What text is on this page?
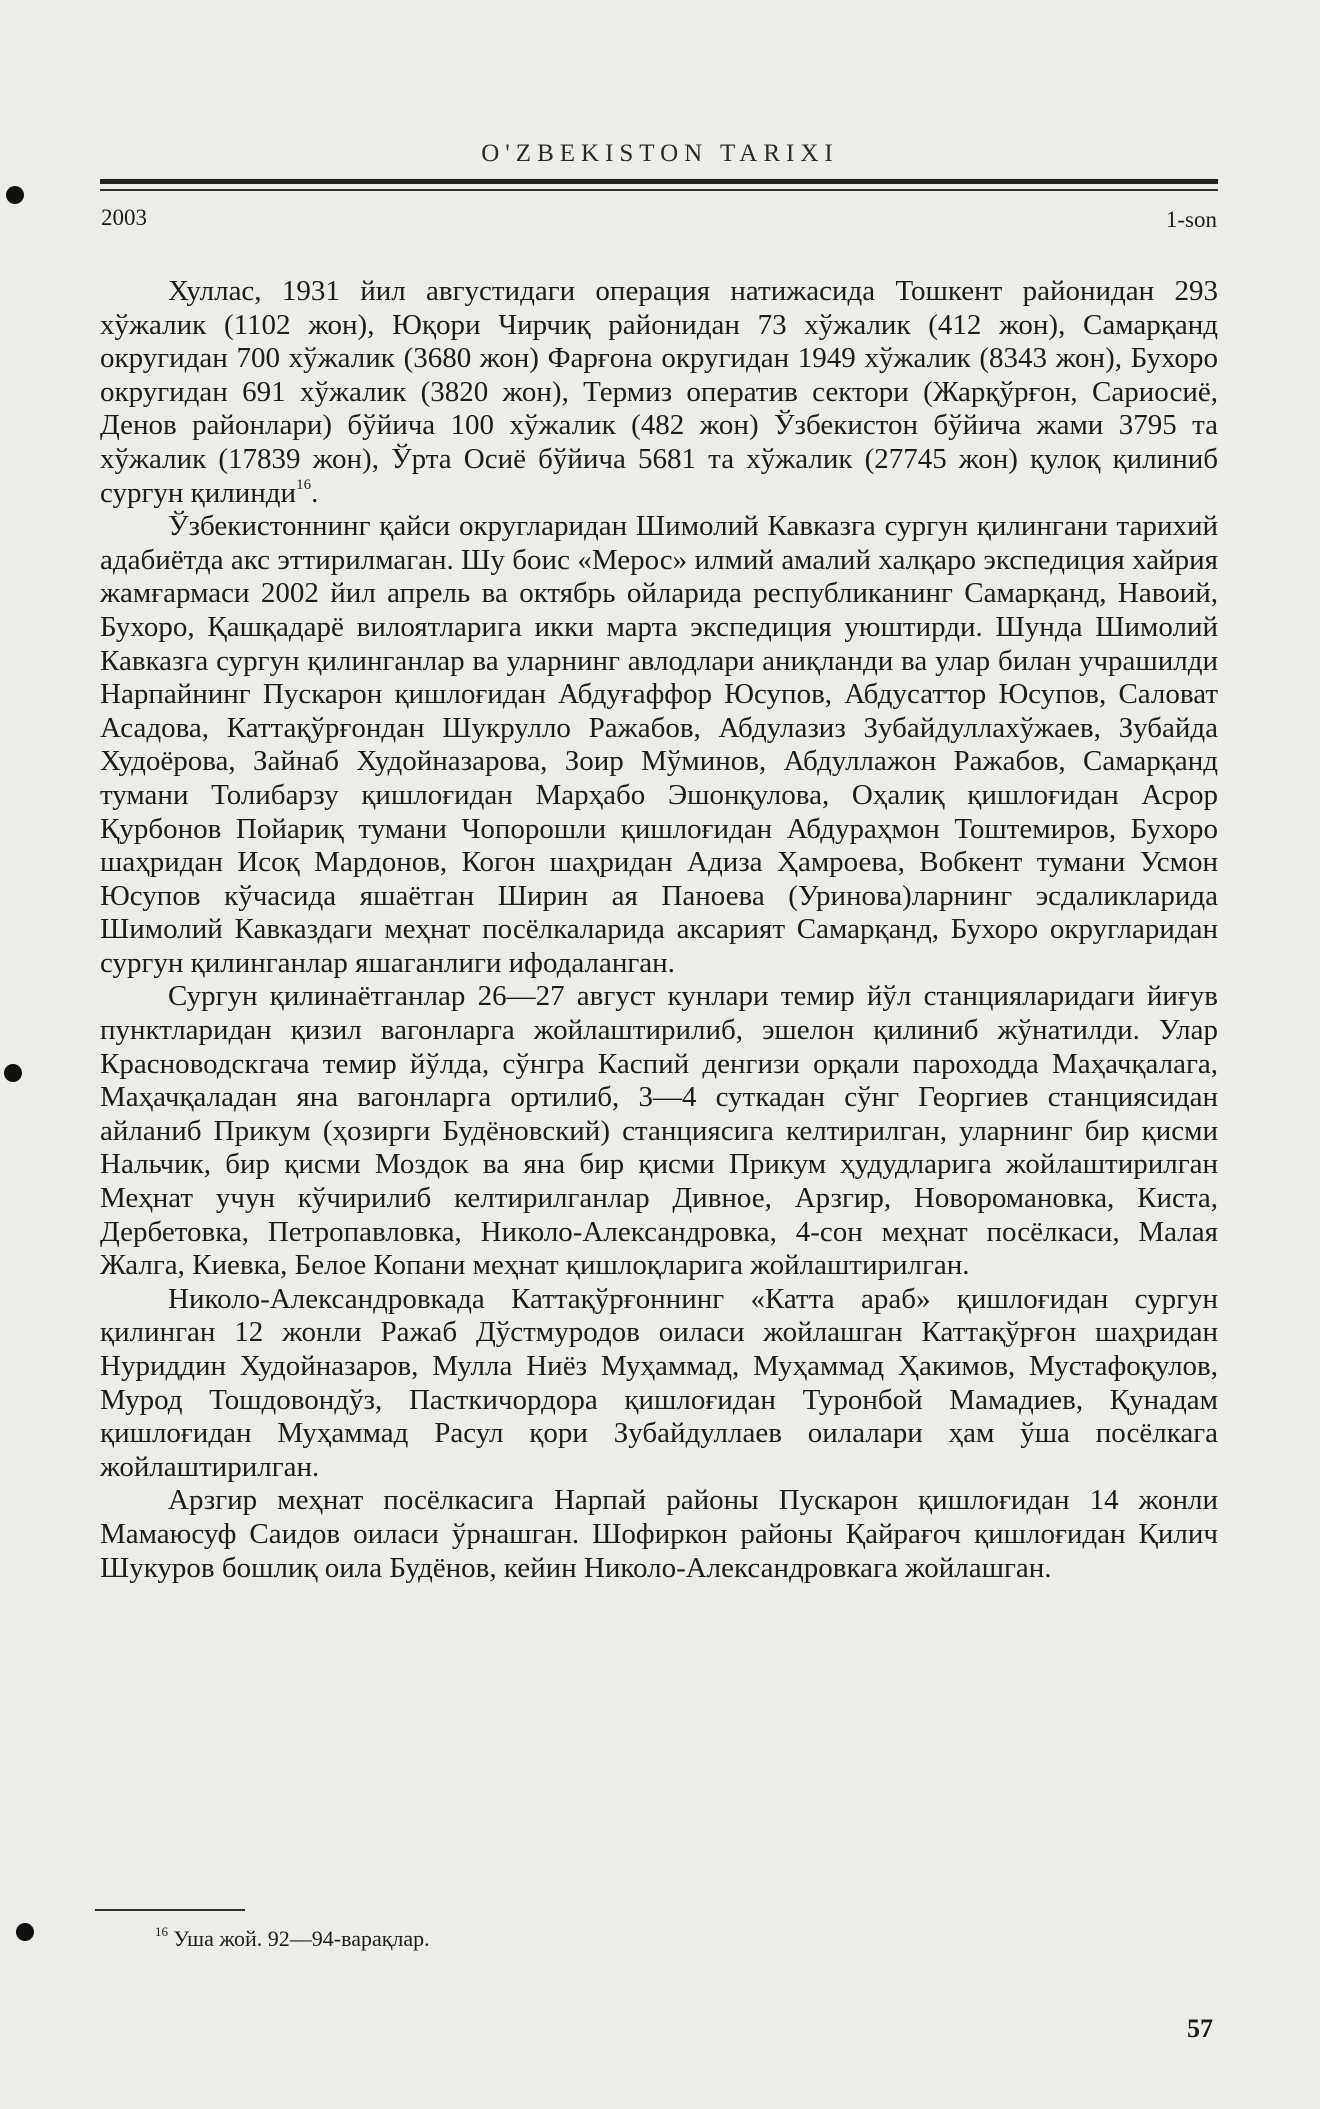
O'ZBEKISTON TARIXI
2003	1-son

Хуллас, 1931 йил августидаги операция натижасида Тошкент районидан 293 хўжалик (1102 жон), Юқори Чирчиқ районидан 73 хўжалик (412 жон), Самарқанд округидан 700 хўжалик (3680 жон) Фарғона округидан 1949 хўжалик (8343 жон), Бухоро округидан 691 хўжалик (3820 жон), Термиз оператив сектори (Жарқўрғон, Сариосиё, Денов районлари) бўйича 100 хўжалик (482 жон) Ўзбекистон бўйича жами 3795 та хўжалик (17839 жон), Ўрта Осиё бўйича 5681 та хўжалик (27745 жон) қулоқ қилиниб сургун қилинди$^{16}$.

Ўзбекистоннинг қайси округларидан Шимолий Кавказга сургун қилингани тарихий адабиётда акс эттирилмаган. Шу боис «Мерос» илмий амалий халқаро экспедиция хайрия жамғармаси 2002 йил апрель ва октябрь ойларида республиканинг Самарқанд, Навоий, Бухоро, Қашқадарё вилоятларига икки марта экспедиция уюштирди. Шунда Шимолий Кавказга сургун қилинганлар ва уларнинг авлодлари аниқланди ва улар билан учрашилди Нарпайнинг Пускарон қишлоғидан Абдуғаффор Юсупов, Абдусаттор Юсупов, Саловат Асадова, Каттақўрғондан Шукрулло Ражабов, Абдулазиз Зубайдуллахўжаев, Зубайда Худоёрова, Зайнаб Худойназарова, Зоир Мўминов, Абдуллажон Ражабов, Самарқанд тумани Толибарзу қишлоғидан Марҳабо Эшонқулова, Оҳалиқ қишлоғидан Асрор Қурбонов Пойариқ тумани Чопорошли қишлоғидан Абдураҳмон Тоштемиров, Бухоро шаҳридан Исоқ Мардонов, Когон шаҳридан Адиза Ҳамроева, Вобкент тумани Усмон Юсупов кўчасида яшаётган Ширин ая Паноева (Уринова)ларнинг эсдаликларида Шимолий Кавказдаги меҳнат посёлкаларида аксарият Самарқанд, Бухоро округларидан сургун қилинганлар яшаганлиги ифодаланган.

Сургун қилинаётганлар 26—27 август кунлари темир йўл станцияларидаги йиғув пунктларидан қизил вагонларга жойлаштирилиб, эшелон қилиниб жўнатилди. Улар Красноводскгача темир йўлда, сўнгра Каспий денгизи орқали пароходда Маҳачқалага, Маҳачқаладан яна вагонларга ортилиб, 3—4 суткадан сўнг Георгиев станциясидан айланиб Прикум (ҳозирги Будёновский) станциясига келтирилган, уларнинг бир қисми Нальчик, бир қисми Моздок ва яна бир қисми Прикум ҳудудларига жойлаштирилган Меҳнат учун кўчирилиб келтирилганлар Дивное, Арзгир, Новоромановка, Киста, Дербетовка, Петропавловка, Николо-Александровка, 4-сон меҳнат посёлкаси, Малая Жалга, Киевка, Белое Копани меҳнат қишлоқларига жойлаштирилган.

Николо-Александровкада Каттақўрғоннинг «Катта араб» қишлоғидан сургун қилинган 12 жонли Ражаб Дўстмуродов оиласи жойлашган Каттақўрғон шаҳридан Нуриддин Худойназаров, Мулла Ниёз Муҳаммад, Муҳаммад Ҳакимов, Мустафоқулов, Мурод Тошдовондўз, Пасткичордора қишлоғидан Туронбой Мамадиев, Қунадам қишлоғидан Муҳаммад Расул қори Зубайдуллаев оилалари ҳам ўша посёлкага жойлаштирилган.

Арзгир меҳнат посёлкасига Нарпай районы Пускарон қишлоғидан 14 жонли Мамаюсуф Саидов оиласи ўрнашган. Шофиркон районы Қайрағоч қишлоғидан Қилич Шукуров бошлиқ оила Будёнов, кейин Николо-Александровкага жойлашган.

$^{16}$ Уша жой. 92—94-варақлар.
57
